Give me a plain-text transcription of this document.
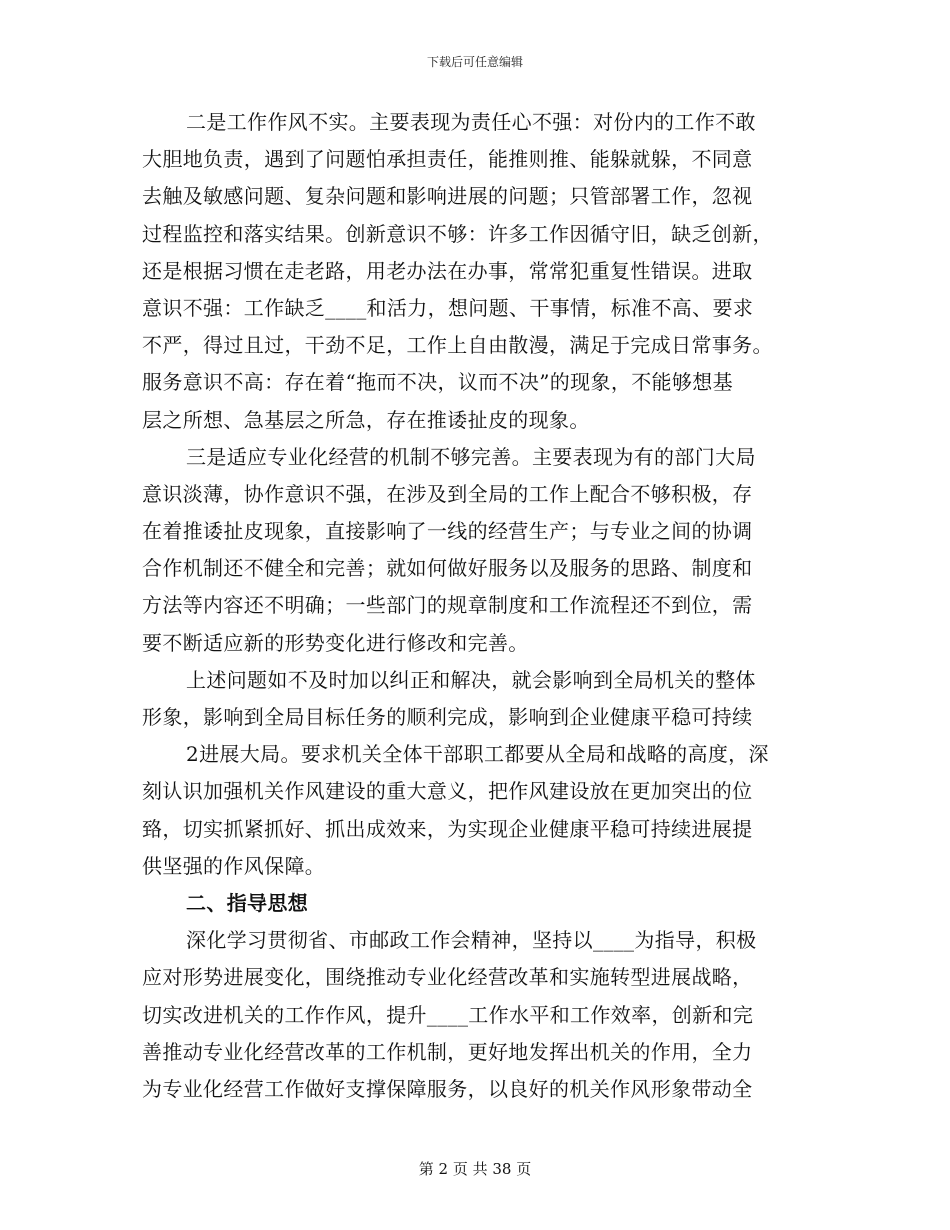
下载后可任意编辑
二是工作作风不实。主要表现为责任心不强：对份内的工作不敢
大胆地负责，遇到了问题怕承担责任，能推则推、能躲就躲，不同意
去触及敏感问题、复杂问题和影响进展的问题；只管部署工作，忽视
过程监控和落实结果。创新意识不够：许多工作因循守旧，缺乏创新，
还是根据习惯在走老路，用老办法在办事，常常犯重复性错误。进取
意识不强：工作缺乏____和活力，想问题、干事情，标准不高、要求
不严，得过且过，干劲不足，工作上自由散漫，满足于完成日常事务。
服务意识不高：存在着“拖而不决，议而不决”的现象，不能够想基
层之所想、急基层之所急，存在推诿扯皮的现象。
三是适应专业化经营的机制不够完善。主要表现为有的部门大局
意识淡薄，协作意识不强，在涉及到全局的工作上配合不够积极，存
在着推诿扯皮现象，直接影响了一线的经营生产；与专业之间的协调
合作机制还不健全和完善；就如何做好服务以及服务的思路、制度和
方法等内容还不明确；一些部门的规章制度和工作流程还不到位，需
要不断适应新的形势变化进行修改和完善。
上述问题如不及时加以纠正和解决，就会影响到全局机关的整体
形象，影响到全局目标任务的顺利完成，影响到企业健康平稳可持续
2进展大局。要求机关全体干部职工都要从全局和战略的高度，深
刻认识加强机关作风建设的重大意义，把作风建设放在更加突出的位
臵，切实抓紧抓好、抓出成效来，为实现企业健康平稳可持续进展提
供坚强的作风保障。
二、指导思想
深化学习贯彻省、市邮政工作会精神，坚持以____为指导，积极
应对形势进展变化，围绕推动专业化经营改革和实施转型进展战略，
切实改进机关的工作作风，提升____工作水平和工作效率，创新和完
善推动专业化经营改革的工作机制，更好地发挥出机关的作用，全力
为专业化经营工作做好支撑保障服务，以良好的机关作风形象带动全
第 2 页 共 38 页
